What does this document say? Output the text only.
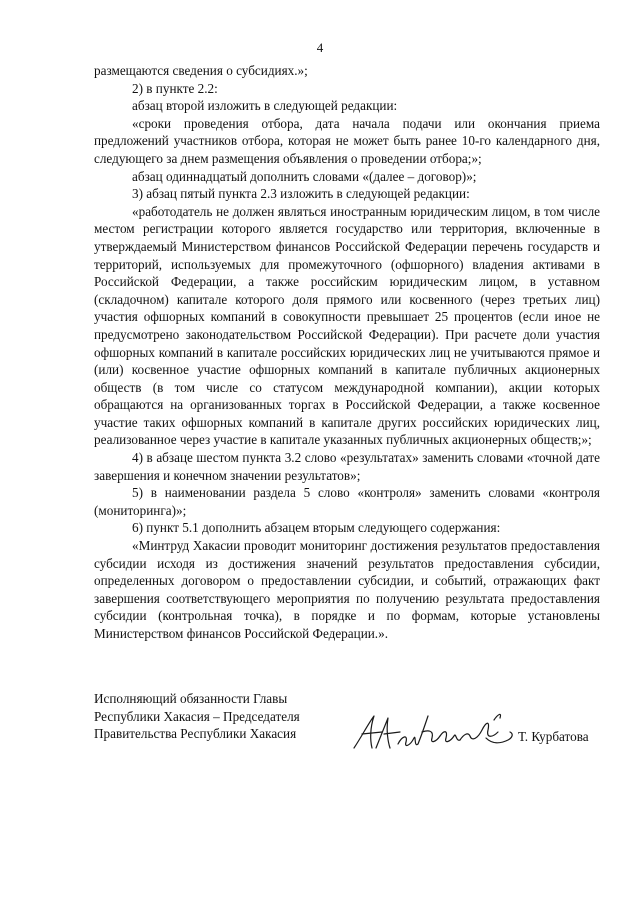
4

размещаются сведения о субсидиях.»;

2) в пункте 2.2:

абзац второй изложить в следующей редакции:

«сроки проведения отбора, дата начала подачи или окончания приема предложений участников отбора, которая не может быть ранее 10-го календарного дня, следующего за днем размещения объявления о проведении отбора;»;

абзац одиннадцатый дополнить словами «(далее – договор)»;

3) абзац пятый пункта 2.3 изложить в следующей редакции:

«работодатель не должен являться иностранным юридическим лицом, в том числе местом регистрации которого является государство или территория, включенные в утверждаемый Министерством финансов Российской Федерации перечень государств и территорий, используемых для промежуточного (офшорного) владения активами в Российской Федерации, а также российским юридическим лицом, в уставном (складочном) капитале которого доля прямого или косвенного (через третьих лиц) участия офшорных компаний в совокупности превышает 25 процентов (если иное не предусмотрено законодательством Российской Федерации). При расчете доли участия офшорных компаний в капитале российских юридических лиц не учитываются прямое и (или) косвенное участие офшорных компаний в капитале публичных акционерных обществ (в том числе со статусом международной компании), акции которых обращаются на организованных торгах в Российской Федерации, а также косвенное участие таких офшорных компаний в капитале других российских юридических лиц, реализованное через участие в капитале указанных публичных акционерных обществ;»;

4) в абзаце шестом пункта 3.2 слово «результатах» заменить словами «точной дате завершения и конечном значении результатов»;

5) в наименовании раздела 5 слово «контроля» заменить словами «контроля (мониторинга)»;

6) пункт 5.1 дополнить абзацем вторым следующего содержания:

«Минтруд Хакасии проводит мониторинг достижения результатов предоставления субсидии исходя из достижения значений результатов предоставления субсидии, определенных договором о предоставлении субсидии, и событий, отражающих факт завершения соответствующего мероприятия по получению результата предоставления субсидии (контрольная точка), в порядке и по формам, которые установлены Министерством финансов Российской Федерации.».

Исполняющий обязанности Главы
Республики Хакасия – Председателя
Правительства Республики Хакасия	Т. Курбатова
